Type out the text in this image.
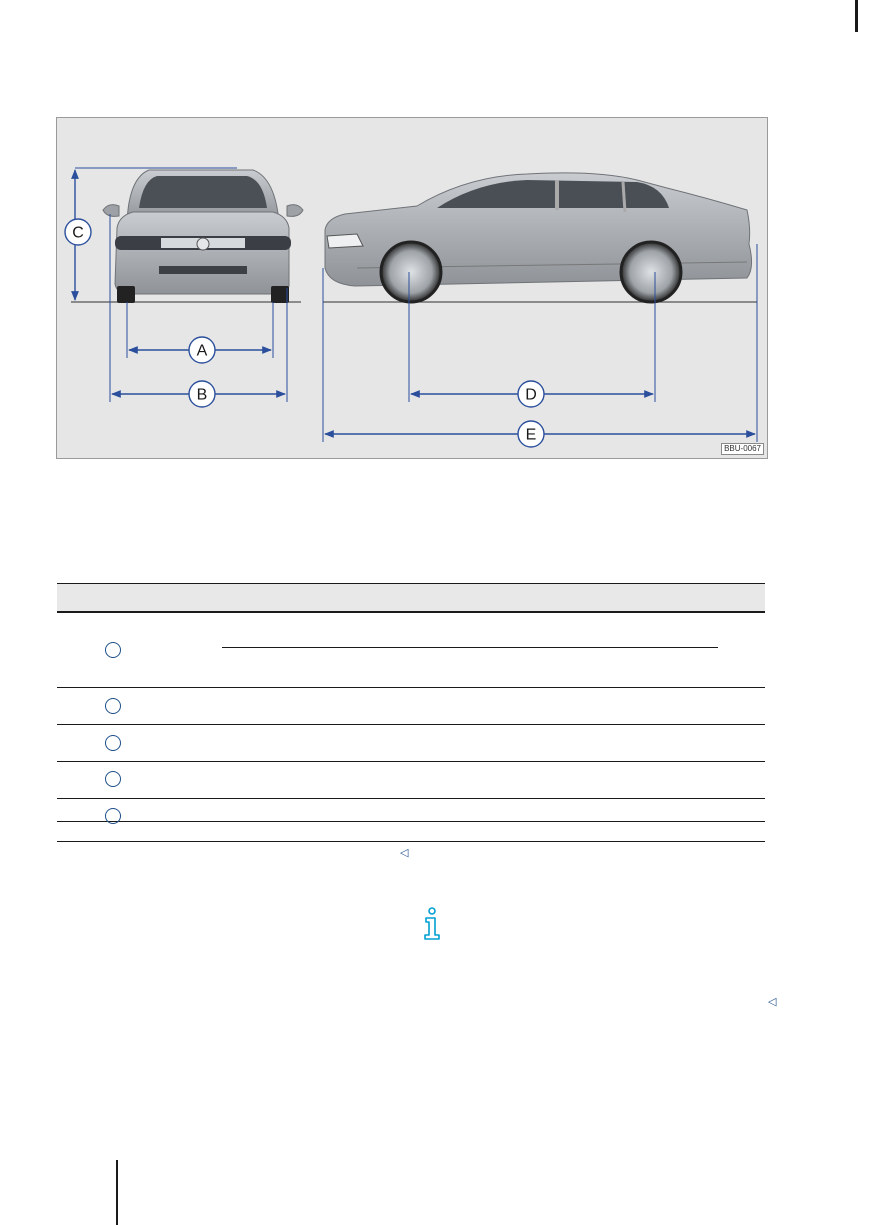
C
A
B	D
E
BBU-0067
◁
◁
